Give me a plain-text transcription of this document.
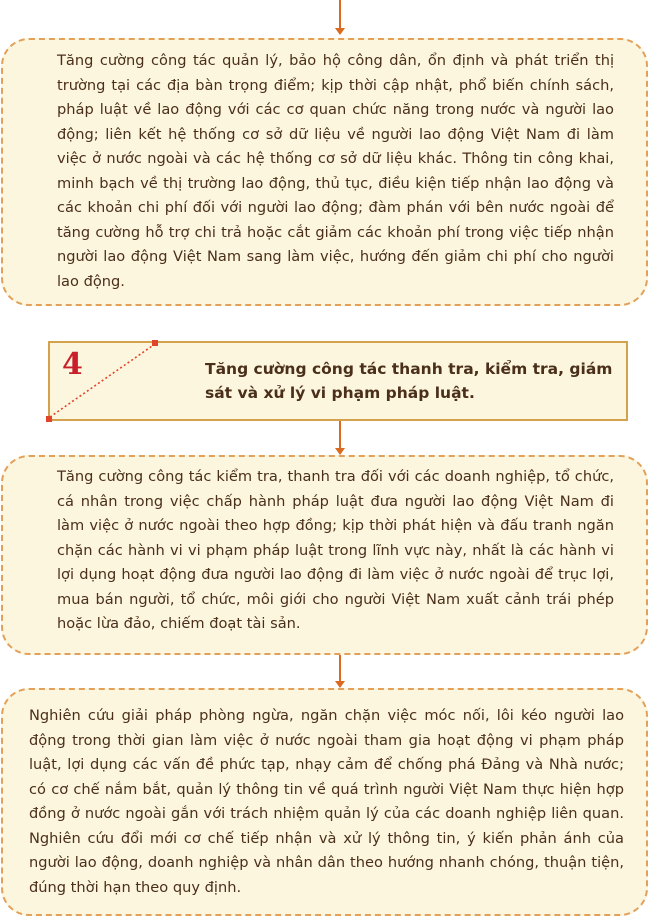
Tăng cường công tác quản lý, bảo hộ công dân, ổn định và phát triển thị trường tại các địa bàn trọng điểm; kịp thời cập nhật, phổ biến chính sách, pháp luật về lao động với các cơ quan chức năng trong nước và người lao động; liên kết hệ thống cơ sở dữ liệu về người lao động Việt Nam đi làm việc ở nước ngoài và các hệ thống cơ sở dữ liệu khác. Thông tin công khai, minh bạch về thị trường lao động, thủ tục, điều kiện tiếp nhận lao động và các khoản chi phí đối với người lao động; đàm phán với bên nước ngoài để tăng cường hỗ trợ chi trả hoặc cắt giảm các khoản phí trong việc tiếp nhận người lao động Việt Nam sang làm việc, hướng đến giảm chi phí cho người lao động.

4	Tăng cường công tác thanh tra, kiểm tra, giám sát và xử lý vi phạm pháp luật.

Tăng cường công tác kiểm tra, thanh tra đối với các doanh nghiệp, tổ chức, cá nhân trong việc chấp hành pháp luật đưa người lao động Việt Nam đi làm việc ở nước ngoài theo hợp đồng; kịp thời phát hiện và đấu tranh ngăn chặn các hành vi vi phạm pháp luật trong lĩnh vực này, nhất là các hành vi lợi dụng hoạt động đưa người lao động đi làm việc ở nước ngoài để trục lợi, mua bán người, tổ chức, môi giới cho người Việt Nam xuất cảnh trái phép hoặc lừa đảo, chiếm đoạt tài sản.

Nghiên cứu giải pháp phòng ngừa, ngăn chặn việc móc nối, lôi kéo người lao động trong thời gian làm việc ở nước ngoài tham gia hoạt động vi phạm pháp luật, lợi dụng các vấn đề phức tạp, nhạy cảm để chống phá Đảng và Nhà nước; có cơ chế nắm bắt, quản lý thông tin về quá trình người Việt Nam thực hiện hợp đồng ở nước ngoài gắn với trách nhiệm quản lý của các doanh nghiệp liên quan. Nghiên cứu đổi mới cơ chế tiếp nhận và xử lý thông tin, ý kiến phản ánh của người lao động, doanh nghiệp và nhân dân theo hướng nhanh chóng, thuận tiện, đúng thời hạn theo quy định.
